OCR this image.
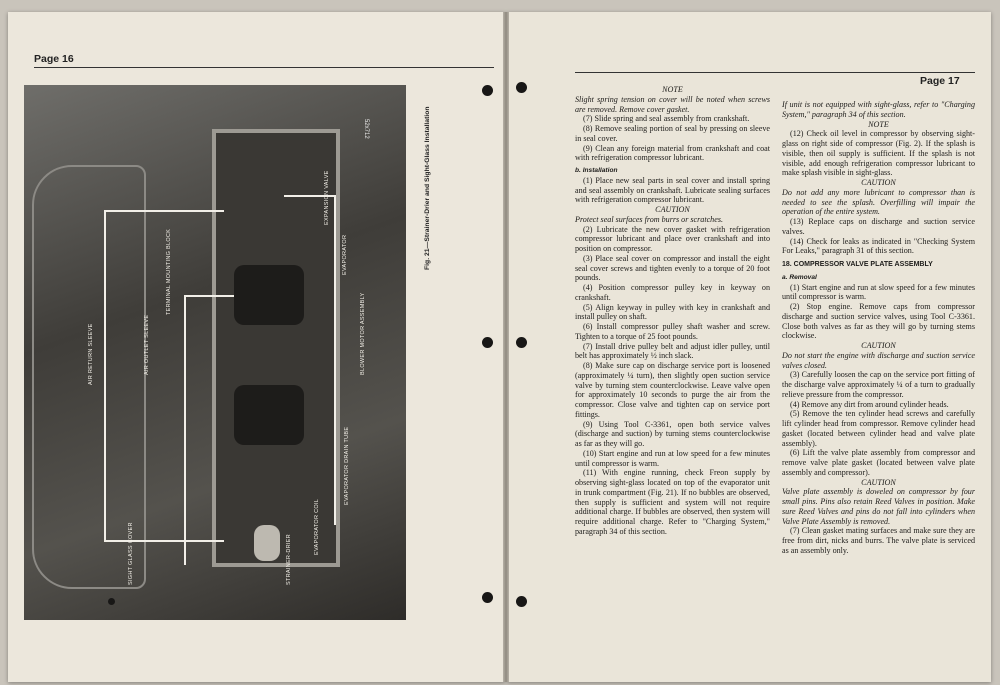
Page 16
AIR RETURN SLEEVE	AIR OUTLET SLEEVE
TERMINAL MOUNTING BLOCK
EXPANSION VALVE
EVAPORATOR
BLOWER MOTOR ASSEMBLY
EVAPORATOR DRAIN TUBE
EVAPORATOR COIL
STRAINER-DRIER
SIGHT GLASS COVER
52x712	Fig. 21—Strainer-Drier and Sight-Glass Installation
Page 17

NOTE

Slight spring tension on cover will be noted when screws are removed. Remove cover gasket.

(7) Slide spring and seal assembly from crankshaft.

(8) Remove sealing portion of seal by pressing on sleeve in seal cover.

(9) Clean any foreign material from crankshaft and coat with refrigeration compressor lubricant.

b. Installation

(1) Place new seal parts in seal cover and install spring and seal assembly on crankshaft. Lubricate sealing surfaces with refrigeration compressor lubricant.

CAUTION

Protect seal surfaces from burrs or scratches.

(2) Lubricate the new cover gasket with refrigeration compressor lubricant and place over crankshaft and into position on compressor.

(3) Place seal cover on compressor and install the eight seal cover screws and tighten evenly to a torque of 20 foot pounds.

(4) Position compressor pulley key in keyway on crankshaft.

(5) Align keyway in pulley with key in crankshaft and install pulley on shaft.

(6) Install compressor pulley shaft washer and screw. Tighten to a torque of 25 foot pounds.

(7) Install drive pulley belt and adjust idler pulley, until belt has approximately ½ inch slack.

(8) Make sure cap on discharge service port is loosened (approximately ¼ turn), then slightly open suction service valve by turning stem counterclockwise. Leave valve open for approximately 10 seconds to purge the air from the compressor. Close valve and tighten cap on service port fittings.

(9) Using Tool C-3361, open both service valves (discharge and suction) by turning stems counterclockwise as far as they will go.

(10) Start engine and run at low speed for a few minutes until compressor is warm.

(11) With engine running, check Freon supply by observing sight-glass located on top of the evaporator unit in trunk compartment (Fig. 21). If no bubbles are observed, then supply is sufficient and system will not require additional charge. If bubbles are observed, then system will require additional charge. Refer to "Charging System," paragraph 34 of this section.

If unit is not equipped with sight-glass, refer to "Charging System," paragraph 34 of this section.

NOTE

(12) Check oil level in compressor by observing sight-glass on right side of compressor (Fig. 2). If the splash is visible, then oil supply is sufficient. If the splash is not visible, add enough refrigeration compressor lubricant to make splash visible in sight-glass.

CAUTION

Do not add any more lubricant to compressor than is needed to see the splash. Overfilling will impair the operation of the entire system.

(13) Replace caps on discharge and suction service valves.

(14) Check for leaks as indicated in "Checking System For Leaks," paragraph 31 of this section.

18. COMPRESSOR VALVE PLATE ASSEMBLY

a. Removal

(1) Start engine and run at slow speed for a few minutes until compressor is warm.

(2) Stop engine. Remove caps from compressor discharge and suction service valves, using Tool C-3361. Close both valves as far as they will go by turning stems clockwise.

CAUTION

Do not start the engine with discharge and suction service valves closed.

(3) Carefully loosen the cap on the service port fitting of the discharge valve approximately ¼ of a turn to gradually relieve pressure from the compressor.

(4) Remove any dirt from around cylinder heads.

(5) Remove the ten cylinder head screws and carefully lift cylinder head from compressor. Remove cylinder head gasket (located between cylinder head and valve plate assembly).

(6) Lift the valve plate assembly from compressor and remove valve plate gasket (located between valve plate assembly and compressor).

CAUTION

Valve plate assembly is doweled on compressor by four small pins. Pins also retain Reed Valves in position. Make sure Reed Valves and pins do not fall into cylinders when Valve Plate Assembly is removed.

(7) Clean gasket mating surfaces and make sure they are free from dirt, nicks and burrs. The valve plate is serviced as an assembly only.
